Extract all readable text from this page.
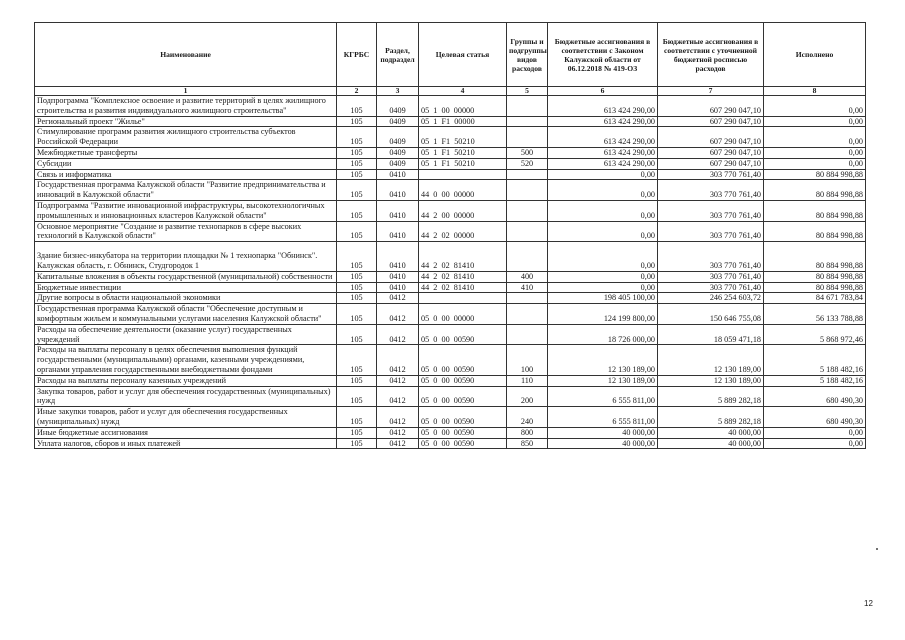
Наименование	КГРБС	Раздел, подраздел	Целевая статья	Группы и подгруппы видов расходов	Бюджетные ассигнования в соответствии с Законом Калужской области от 06.12.2018 № 419-ОЗ	Бюджетные ассигнования в соответствии с уточненной бюджетной росписью расходов	Исполнено
1	2	3	4	5	6	7	8
Подпрограмма "Комплексное освоение и развитие территорий в целях жилищного строительства и развития индивидуального жилищного строительства"	105	0409	05  1  00  00000		613 424 290,00	607 290 047,10	0,00
Региональный проект "Жилье"	105	0409	05  1  F1  00000		613 424 290,00	607 290 047,10	0,00
Стимулирование программ развития жилищного строительства субъектов Российской Федерации	105	0409	05  1  F1  50210		613 424 290,00	607 290 047,10	0,00
Межбюджетные трансферты	105	0409	05  1  F1  50210	500	613 424 290,00	607 290 047,10	0,00
Субсидии	105	0409	05  1  F1  50210	520	613 424 290,00	607 290 047,10	0,00
Связь и информатика	105	0410			0,00	303 770 761,40	80 884 998,88
Государственная программа Калужской области "Развитие предпринимательства и инноваций в Калужской области"	105	0410	44  0  00  00000		0,00	303 770 761,40	80 884 998,88
Подпрограмма "Развитие инновационной инфраструктуры, высокотехнологичных промышленных и инновационных кластеров Калужской области"	105	0410	44  2  00  00000		0,00	303 770 761,40	80 884 998,88
Основное мероприятие "Создание и развитие технопарков в сфере высоких технологий в Калужской области"	105	0410	44  2  02  00000		0,00	303 770 761,40	80 884 998,88
Здание бизнес-инкубатора на территории площадки № 1 технопарка "Обнинск". Калужская область, г. Обнинск, Студгородок 1	105	0410	44  2  02  81410		0,00	303 770 761,40	80 884 998,88
Капитальные вложения в объекты государственной (муниципальной) собственности	105	0410	44  2  02  81410	400	0,00	303 770 761,40	80 884 998,88
Бюджетные инвестиции	105	0410	44  2  02  81410	410	0,00	303 770 761,40	80 884 998,88
Другие вопросы в области национальной экономики	105	0412			198 405 100,00	246 254 603,72	84 671 783,84
Государственная программа Калужской области "Обеспечение доступным и комфортным жильем и коммунальными услугами населения Калужской области"	105	0412	05  0  00  00000		124 199 800,00	150 646 755,08	56 133 788,88
Расходы на обеспечение деятельности (оказание услуг) государственных учреждений	105	0412	05  0  00  00590		18 726 000,00	18 059 471,18	5 868 972,46
Расходы на выплаты персоналу в целях обеспечения выполнения функций государственными (муниципальными) органами, казенными учреждениями, органами управления государственными внебюджетными фондами	105	0412	05  0  00  00590	100	12 130 189,00	12 130 189,00	5 188 482,16
Расходы на выплаты персоналу казенных учреждений	105	0412	05  0  00  00590	110	12 130 189,00	12 130 189,00	5 188 482,16
Закупка товаров, работ и услуг для обеспечения государственных (муниципальных) нужд	105	0412	05  0  00  00590	200	6 555 811,00	5 889 282,18	680 490,30
Иные закупки товаров, работ и услуг для обеспечения государственных (муниципальных) нужд	105	0412	05  0  00  00590	240	6 555 811,00	5 889 282,18	680 490,30
Иные бюджетные ассигнования	105	0412	05  0  00  00590	800	40 000,00	40 000,00	0,00
Уплата налогов, сборов и иных платежей	105	0412	05  0  00  00590	850	40 000,00	40 000,00	0,00
12
